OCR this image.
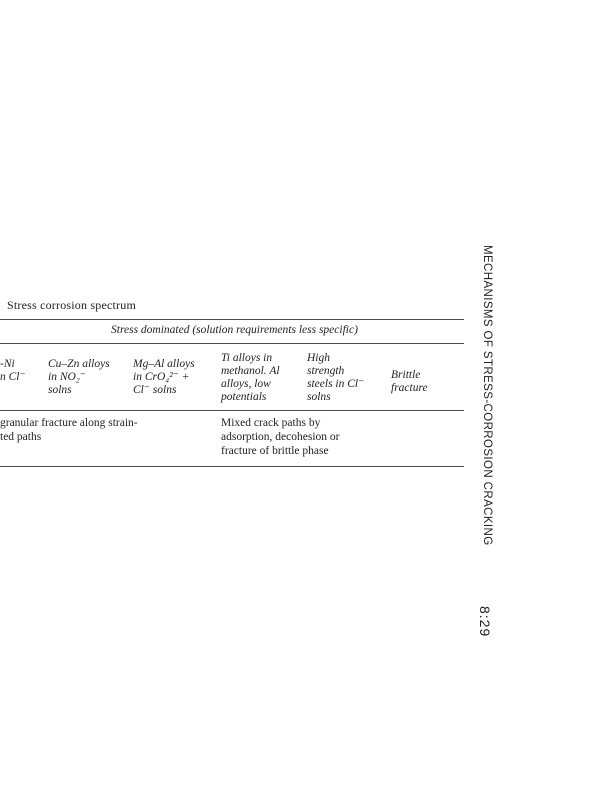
Stress corrosion spectrum
Stress dominated (solution requirements less specific)
-Ni
n Cl⁻
Cu–Zn alloys
in NO₂⁻
solns
Mg–Al alloys
in CrO₄²⁻ +
Cl⁻ solns
Ti alloys in
methanol. Al
alloys, low
potentials
High
strength
steels in Cl⁻
solns
Brittle
fracture
granular fracture along strain-
ted paths
Mixed crack paths by
adsorption, decohesion or
fracture of brittle phase	MECHANISMS OF STRESS-CORROSION CRACKING
8:29
